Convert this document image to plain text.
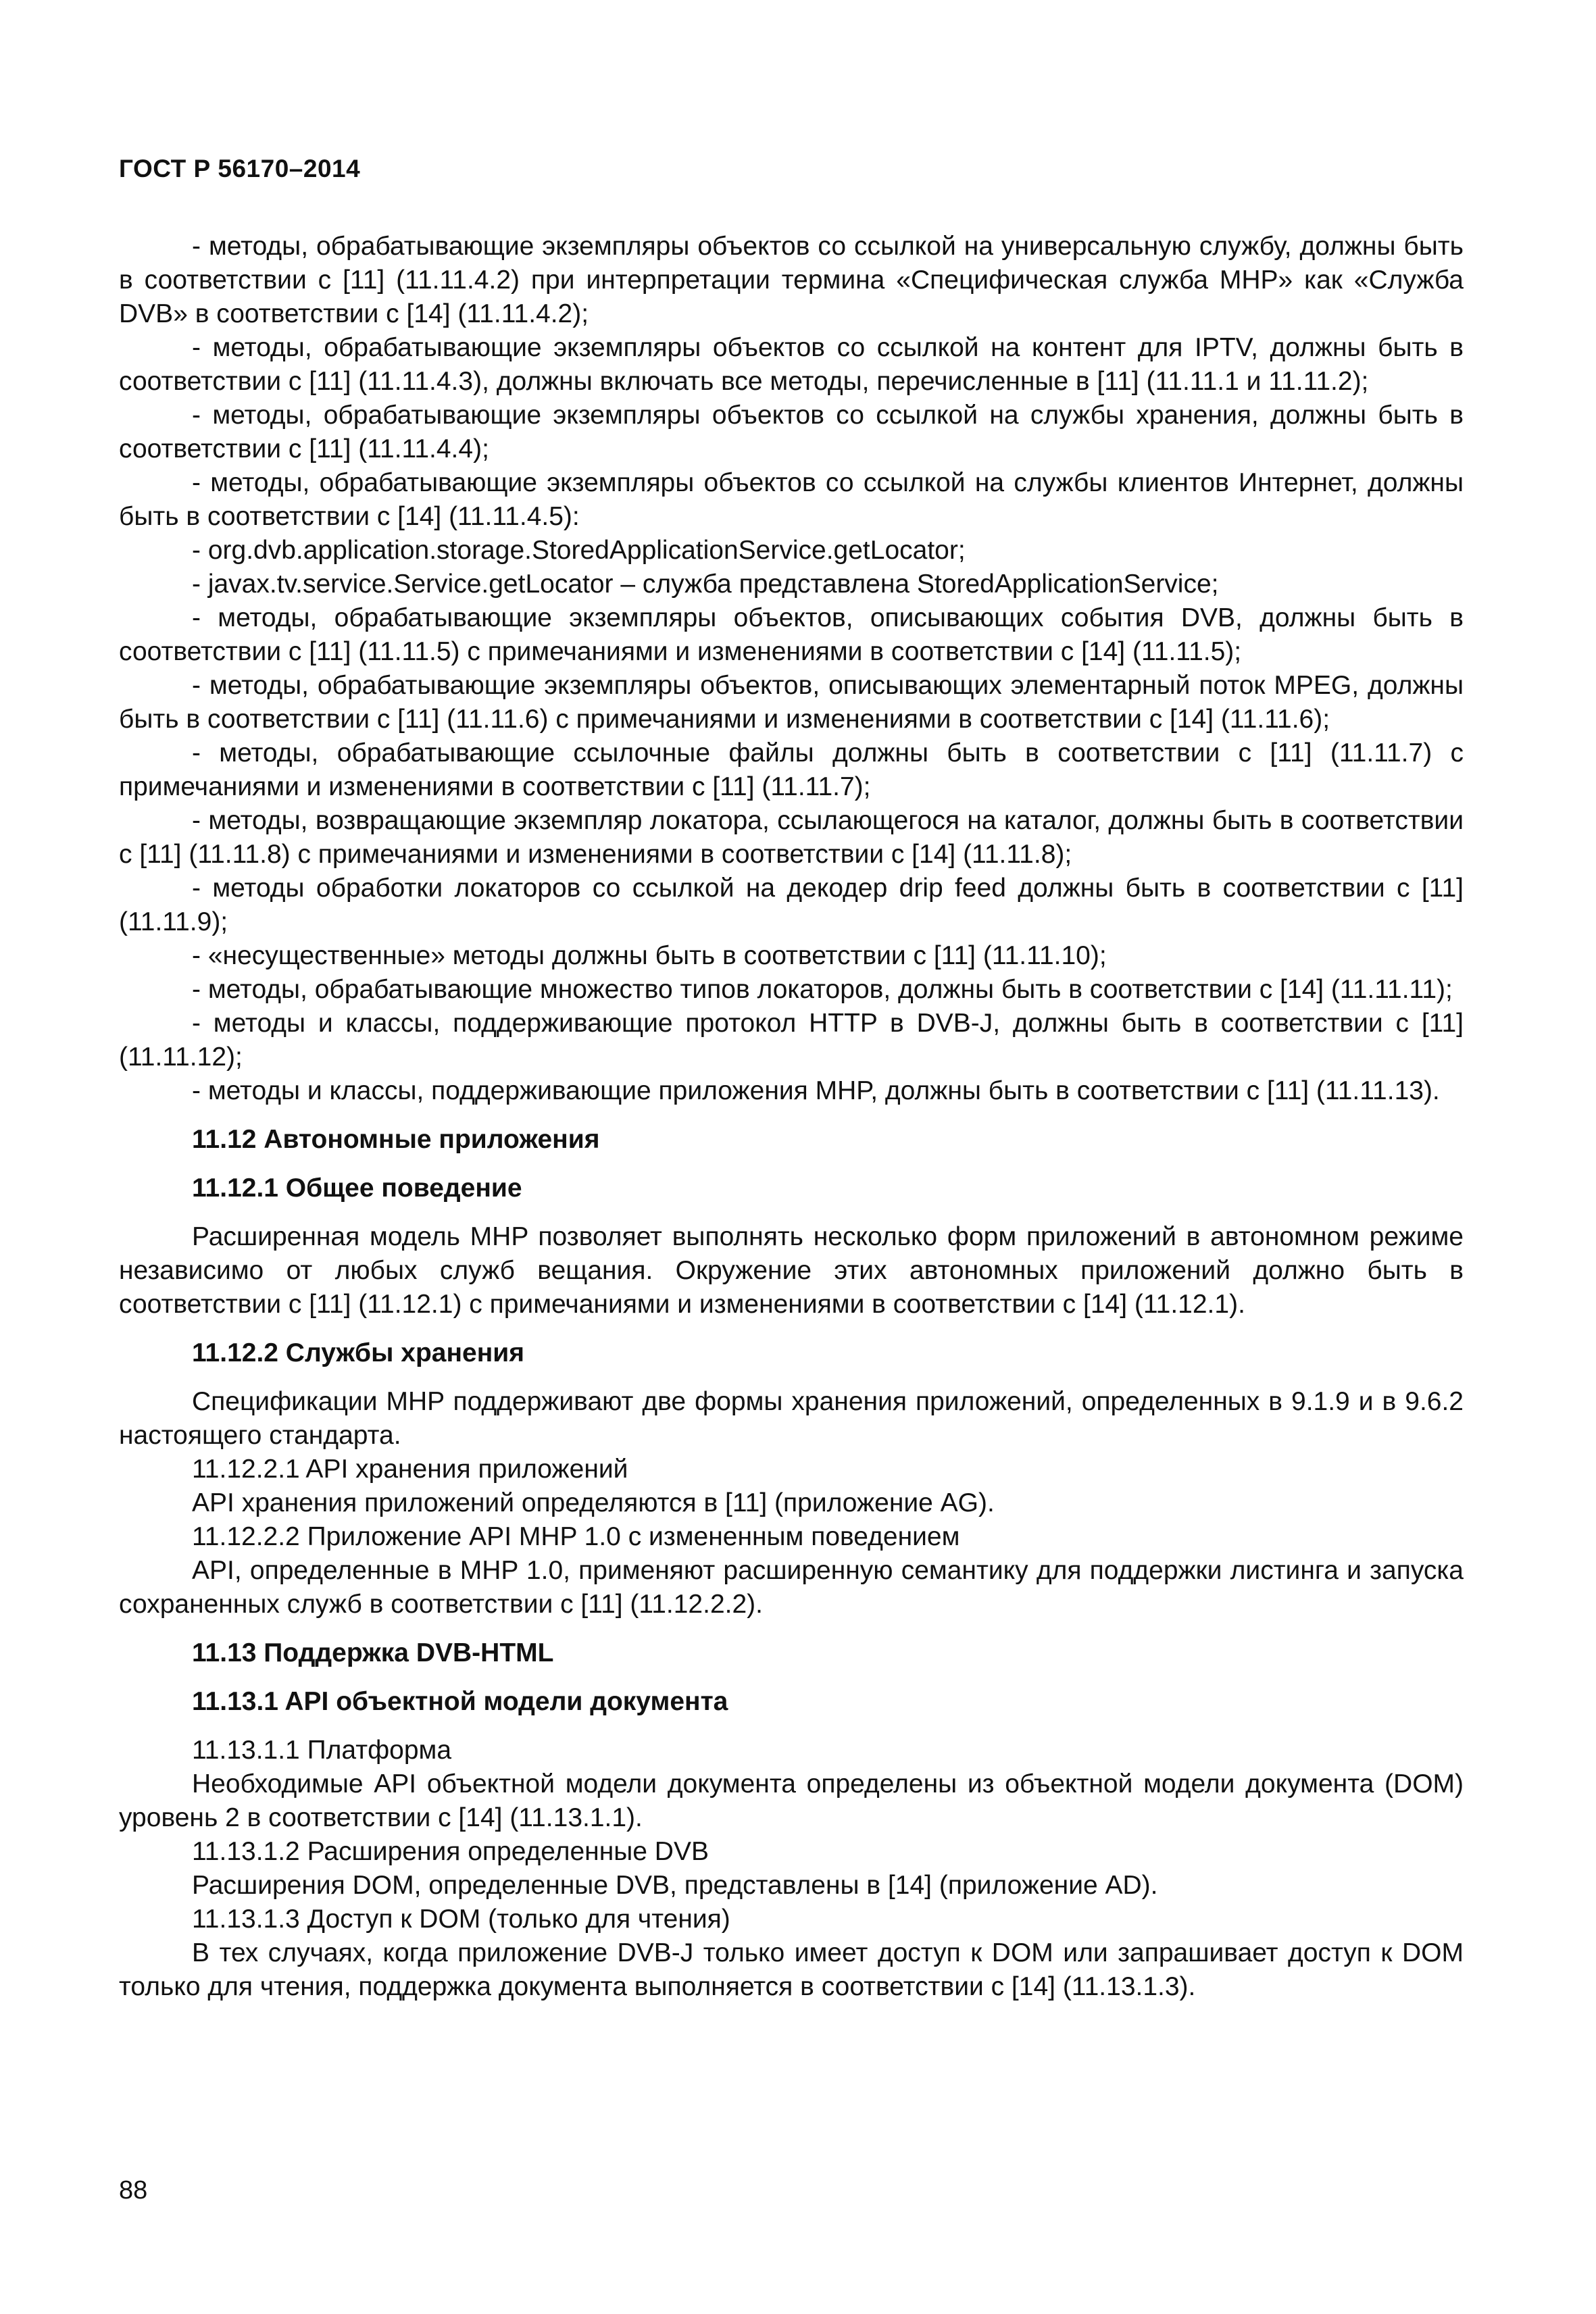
ГОСТ Р 56170–2014

- методы, обрабатывающие экземпляры объектов со ссылкой на универсальную службу, должны быть в соответствии с [11] (11.11.4.2) при интерпретации термина «Специфическая служба MHP» как «Служба DVB» в соответствии с [14] (11.11.4.2);

- методы, обрабатывающие экземпляры объектов со ссылкой на контент для IPTV, должны быть в соответствии с [11] (11.11.4.3), должны включать все методы, перечисленные в [11] (11.11.1 и 11.11.2);

- методы, обрабатывающие экземпляры объектов со ссылкой на службы хранения, должны быть в соответствии с [11] (11.11.4.4);

- методы, обрабатывающие экземпляры объектов со ссылкой на службы клиентов Интернет, должны быть в соответствии с [14] (11.11.4.5):

- org.dvb.application.storage.StoredApplicationService.getLocator;

- javax.tv.service.Service.getLocator – служба представлена StoredApplicationService;

- методы, обрабатывающие экземпляры объектов, описывающих события DVB, должны быть в соответствии с [11] (11.11.5) с примечаниями и изменениями в соответствии с [14] (11.11.5);

- методы, обрабатывающие экземпляры объектов, описывающих элементарный поток MPEG, должны быть в соответствии с [11] (11.11.6) с примечаниями и изменениями в соответствии с [14] (11.11.6);

- методы, обрабатывающие ссылочные файлы должны быть в соответствии с [11] (11.11.7) с примечаниями и изменениями в соответствии с [11] (11.11.7);

- методы, возвращающие экземпляр локатора, ссылающегося на каталог, должны быть в соответствии с [11] (11.11.8) с примечаниями и изменениями в соответствии с [14] (11.11.8);

- методы обработки локаторов со ссылкой на декодер drip feed должны быть в соответствии с [11] (11.11.9);

- «несущественные» методы должны быть в соответствии с [11] (11.11.10);

- методы, обрабатывающие множество типов локаторов, должны быть в соответствии с [14] (11.11.11);

- методы и классы, поддерживающие протокол HTTP в DVB-J, должны быть в соответствии с [11] (11.11.12);

- методы и классы, поддерживающие приложения MHP, должны быть в соответствии с [11] (11.11.13).

11.12 Автономные приложения
11.12.1 Общее поведение

Расширенная модель MHP позволяет выполнять несколько форм приложений в автономном режиме независимо от любых служб вещания. Окружение этих автономных приложений должно быть в соответствии с [11] (11.12.1) с примечаниями и изменениями в соответствии с [14] (11.12.1).

11.12.2 Службы хранения

Спецификации MHP поддерживают две формы хранения приложений, определенных в 9.1.9 и в 9.6.2 настоящего стандарта.

11.12.2.1 API хранения приложений

API хранения приложений определяются в [11] (приложение AG).

11.12.2.2 Приложение API MHP 1.0 с измененным поведением

API, определенные в MHP 1.0, применяют расширенную семантику для поддержки листинга и запуска сохраненных служб в соответствии с [11] (11.12.2.2).

11.13 Поддержка DVB-HTML
11.13.1 API объектной модели документа

11.13.1.1 Платформа

Необходимые API объектной модели документа определены из объектной модели документа (DOM) уровень 2 в соответствии с [14] (11.13.1.1).

11.13.1.2 Расширения определенные DVB

Расширения DOM, определенные DVB, представлены в [14] (приложение AD).

11.13.1.3 Доступ к DOM (только для чтения)

В тех случаях, когда приложение DVB-J только имеет доступ к DOM или запрашивает доступ к DOM только для чтения, поддержка документа выполняется в соответствии с [14] (11.13.1.3).

88
